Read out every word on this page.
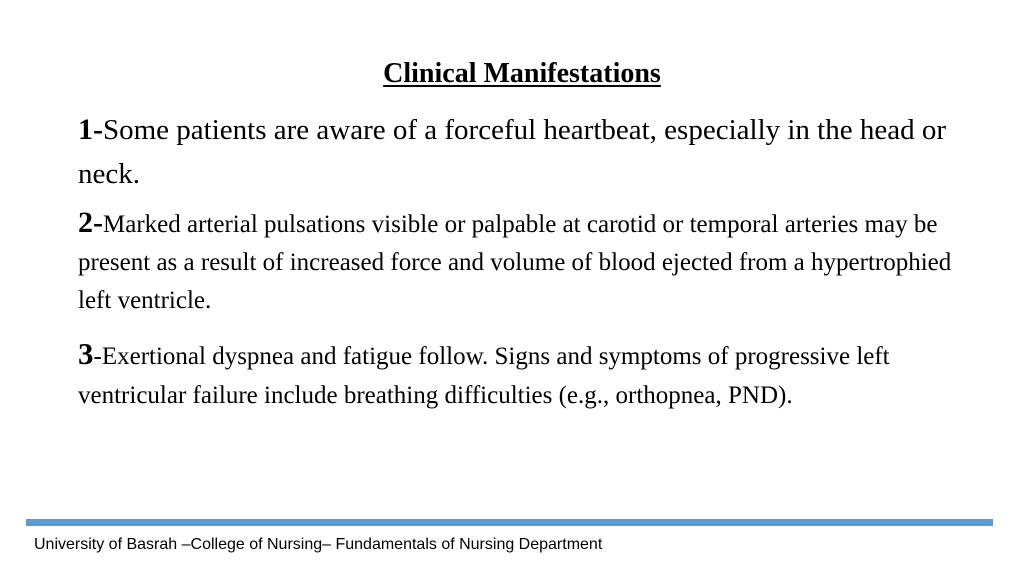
Clinical Manifestations

1-Some patients are aware of a forceful heartbeat, especially in the head or neck.

2-Marked arterial pulsations visible or palpable at carotid or temporal arteries may be present as a result of increased force and volume of blood ejected from a hypertrophied left ventricle.

3-Exertional dyspnea and fatigue follow. Signs and symptoms of progressive left ventricular failure include breathing difficulties (e.g., orthopnea, PND).

University of Basrah –College of Nursing– Fundamentals of Nursing Department
